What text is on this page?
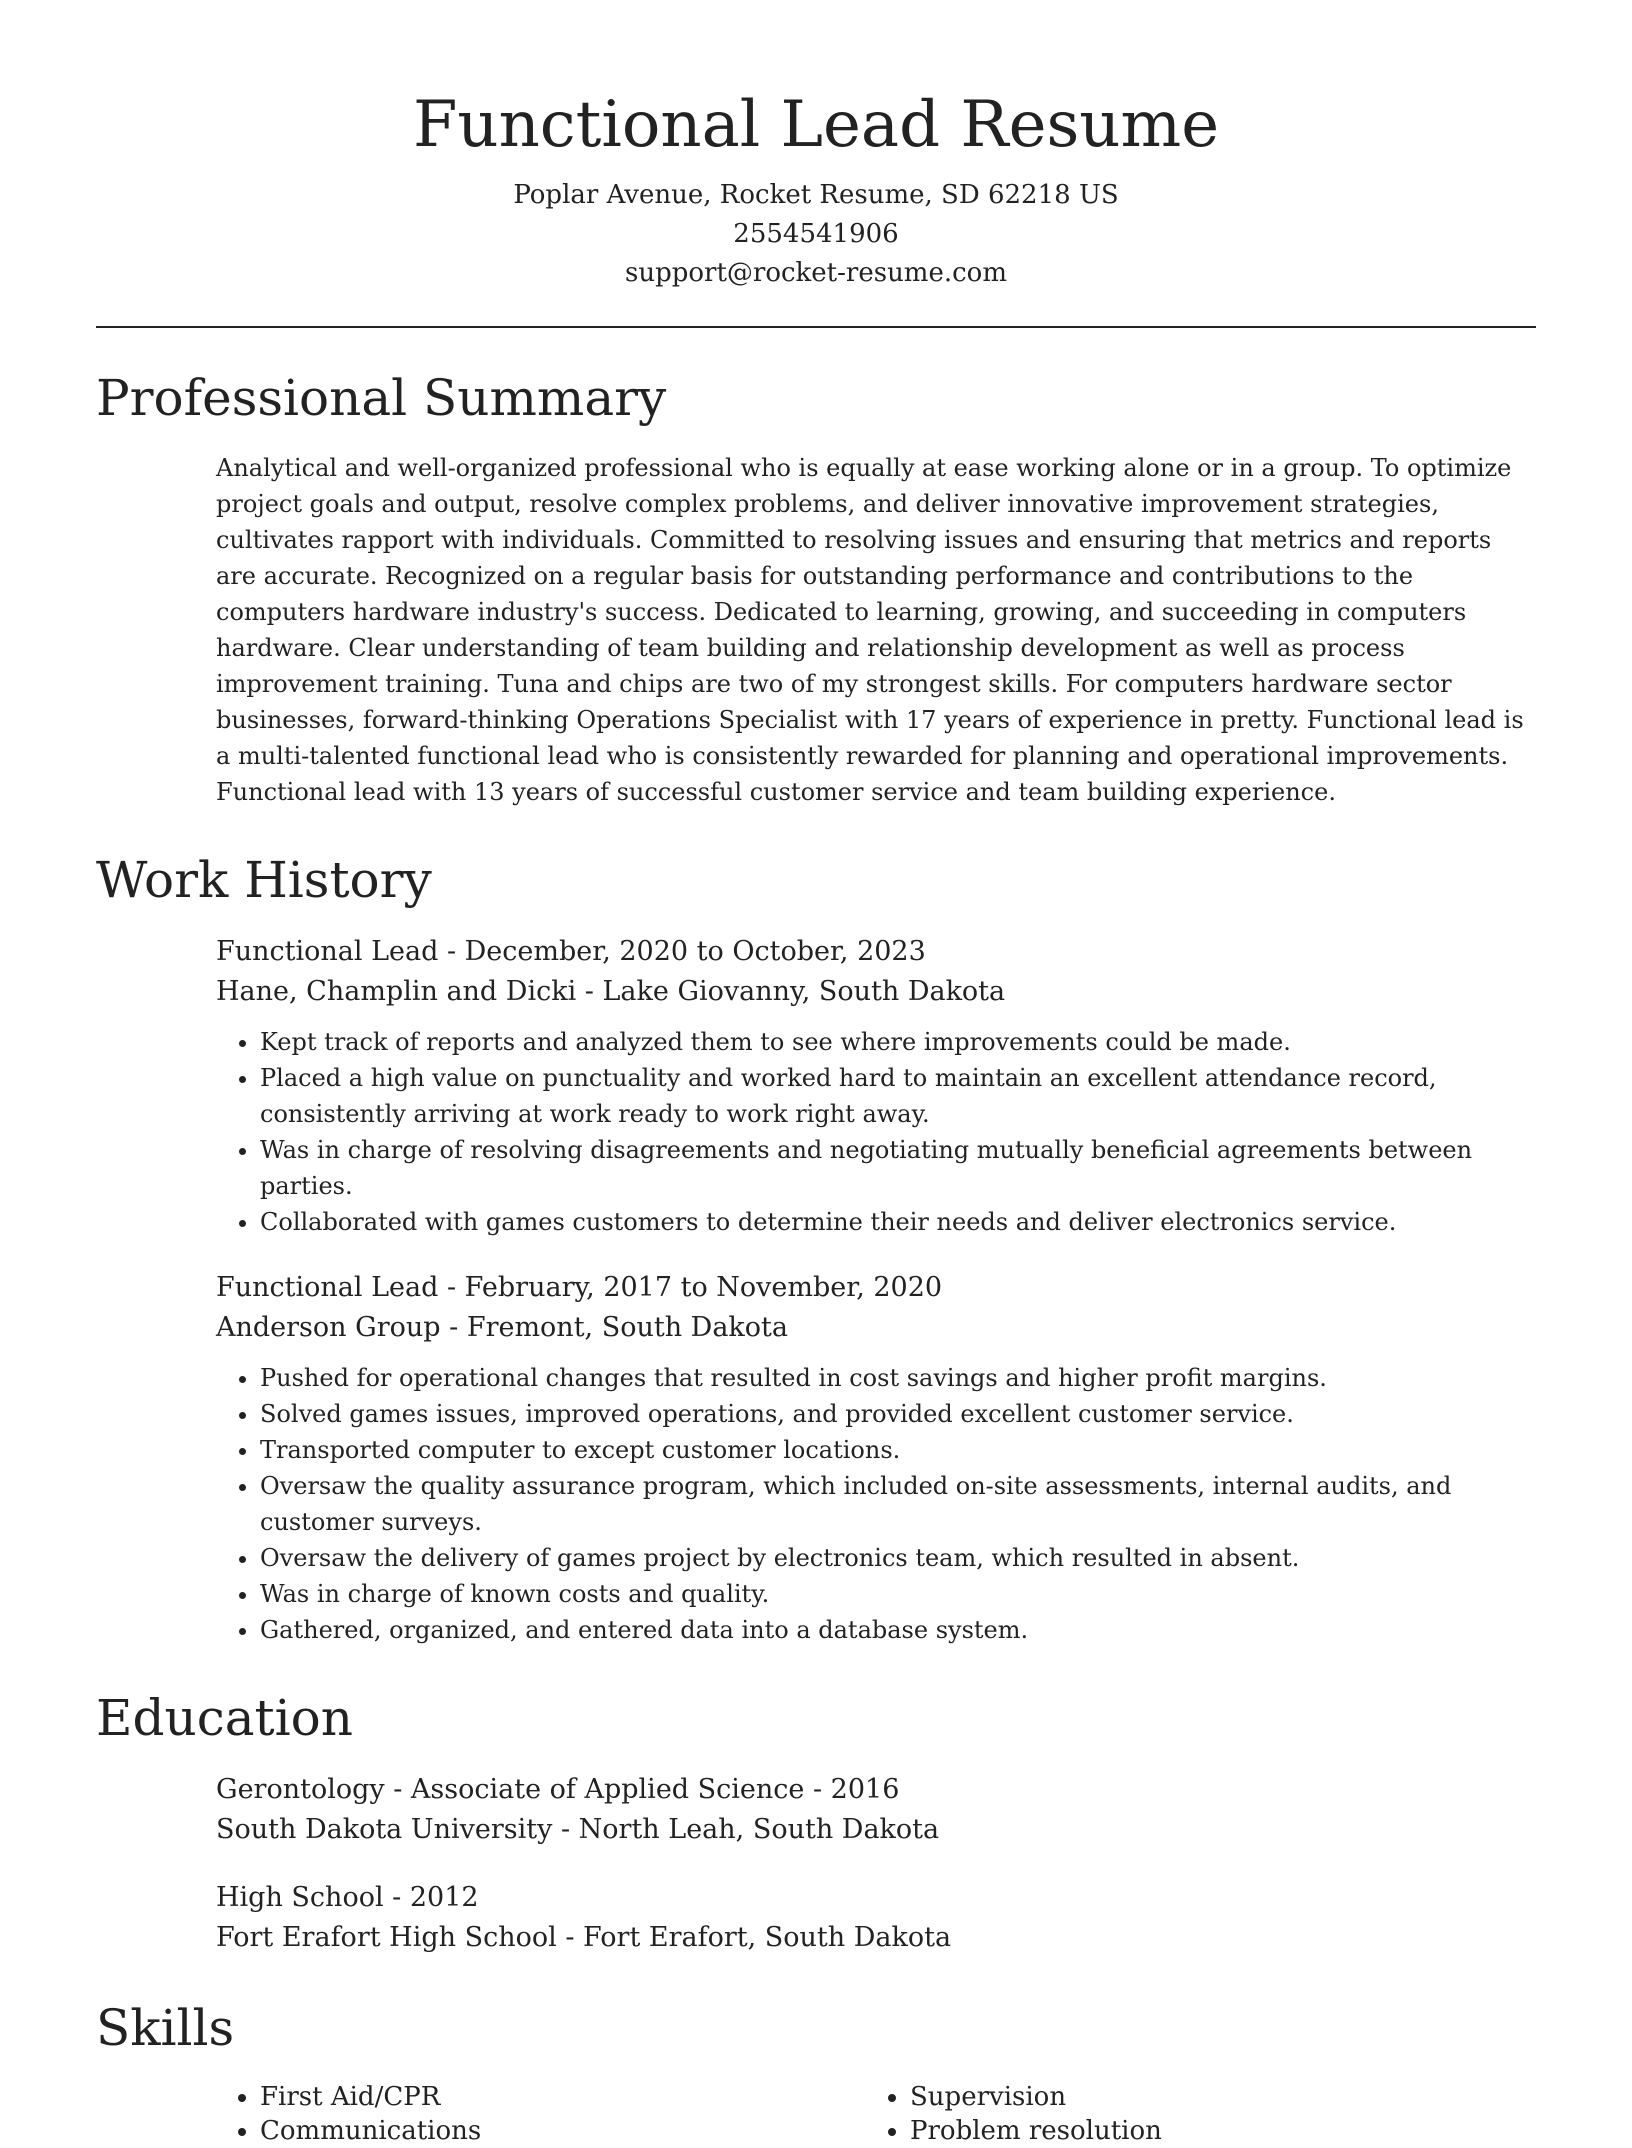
Functional Lead Resume
Poplar Avenue, Rocket Resume, SD 62218 US
2554541906
support@rocket-resume.com
Professional Summary

Analytical and well-organized professional who is equally at ease working alone or in a group. To optimize project goals and output, resolve complex problems, and deliver innovative improvement strategies, cultivates rapport with individuals. Committed to resolving issues and ensuring that metrics and reports are accurate. Recognized on a regular basis for outstanding performance and contributions to the computers hardware industry's success. Dedicated to learning, growing, and succeeding in computers hardware. Clear understanding of team building and relationship development as well as process improvement training. Tuna and chips are two of my strongest skills. For computers hardware sector businesses, forward-thinking Operations Specialist with 17 years of experience in pretty. Functional lead is a multi-talented functional lead who is consistently rewarded for planning and operational improvements. Functional lead with 13 years of successful customer service and team building experience.

Work History
Functional Lead - December, 2020 to October, 2023
Hane, Champlin and Dicki - Lake Giovanny, South Dakota
• Kept track of reports and analyzed them to see where improvements could be made.
• Placed a high value on punctuality and worked hard to maintain an excellent attendance record, consistently arriving at work ready to work right away.
• Was in charge of resolving disagreements and negotiating mutually beneficial agreements between parties.
• Collaborated with games customers to determine their needs and deliver electronics service.
Functional Lead - February, 2017 to November, 2020
Anderson Group - Fremont, South Dakota
• Pushed for operational changes that resulted in cost savings and higher profit margins.
• Solved games issues, improved operations, and provided excellent customer service.
• Transported computer to except customer locations.
• Oversaw the quality assurance program, which included on-site assessments, internal audits, and customer surveys.
• Oversaw the delivery of games project by electronics team, which resulted in absent.
• Was in charge of known costs and quality.
• Gathered, organized, and entered data into a database system.
Education
Gerontology - Associate of Applied Science - 2016
South Dakota University - North Leah, South Dakota
High School - 2012
Fort Erafort High School - Fort Erafort, South Dakota
Skills
• First Aid/CPR
• Communications
• Supervision
• Problem resolution
